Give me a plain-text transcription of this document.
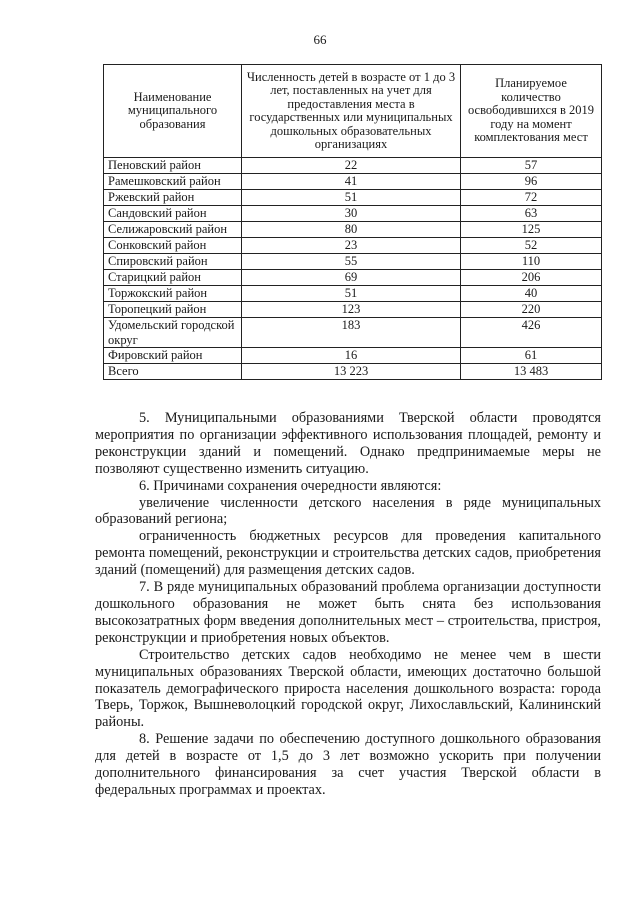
66
Наименование муниципального образования	Численность детей в возрасте от 1 до 3 лет, поставленных на учет для предоставления места в государственных или муниципальных дошкольных образовательных организациях	Планируемое количество освободившихся в 2019 году на момент комплектования мест
Пеновский район	22	57
Рамешковский район	41	96
Ржевский район	51	72
Сандовский район	30	63
Селижаровский район	80	125
Сонковский район	23	52
Спировский район	55	110
Старицкий район	69	206
Торжокский район	51	40
Торопецкий район	123	220
Удомельский городской округ	183	426
Фировский район	16	61
Всего	13 223	13 483

5. Муниципальными образованиями Тверской области проводятся мероприятия по организации эффективного использования площадей, ремонту и реконструкции зданий и помещений. Однако предпринимаемые меры не позволяют существенно изменить ситуацию.

6. Причинами сохранения очередности являются:

увеличение численности детского населения в ряде муниципальных образований региона;

ограниченность бюджетных ресурсов для проведения капитального ремонта помещений, реконструкции и строительства детских садов, приобретения зданий (помещений) для размещения детских садов.

7. В ряде муниципальных образований проблема организации доступности дошкольного образования не может быть снята без использования высокозатратных форм введения дополнительных мест – строительства, пристроя, реконструкции и приобретения новых объектов.

Строительство детских садов необходимо не менее чем в шести муниципальных образованиях Тверской области, имеющих достаточно большой показатель демографического прироста населения дошкольного возраста: города Тверь, Торжок, Вышневолоцкий городской округ, Лихославльский, Калининский районы.

8. Решение задачи по обеспечению доступного дошкольного образования для детей в возрасте от 1,5 до 3 лет возможно ускорить при получении дополнительного финансирования за счет участия Тверской области в федеральных программах и проектах.
